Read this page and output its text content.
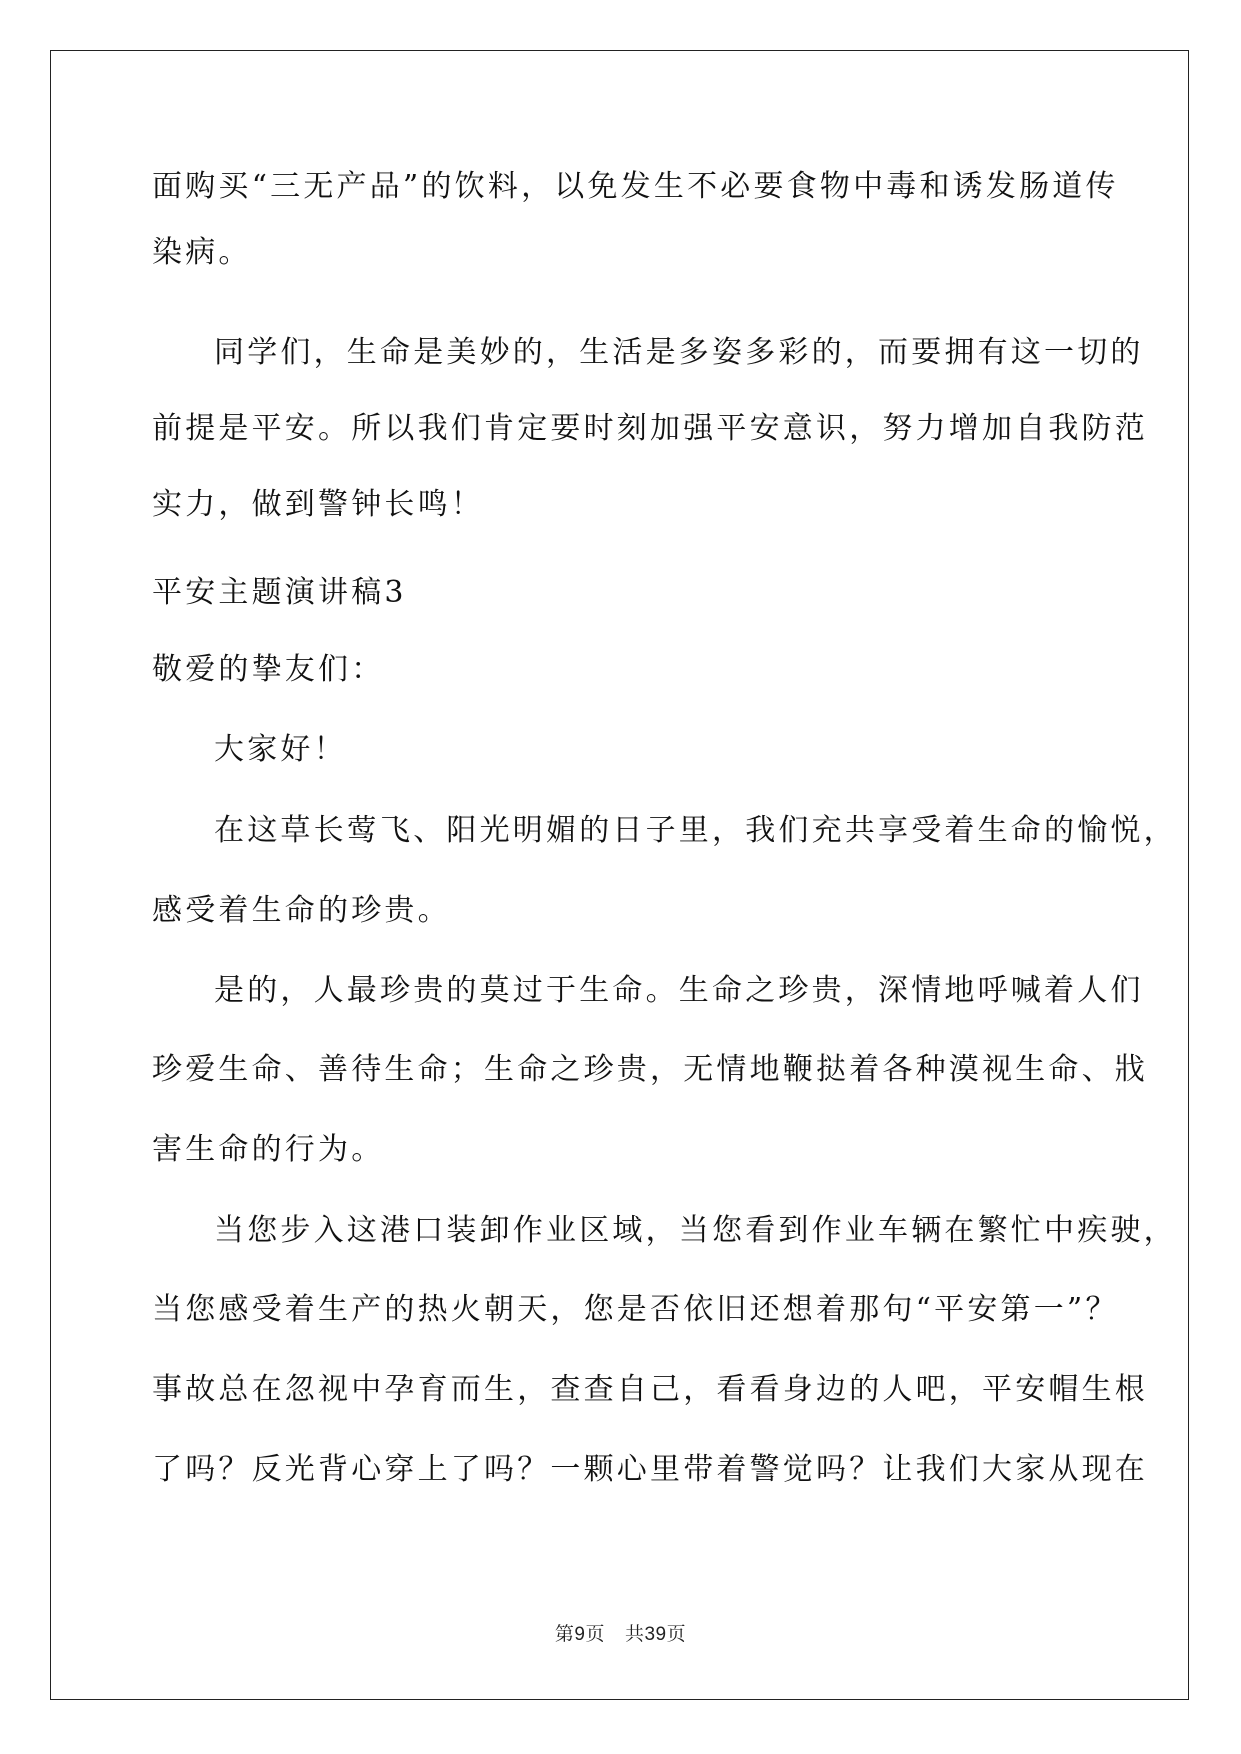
面购买“三无产品”的饮料，以免发生不必要食物中毒和诱发肠道传
染病。
同学们，生命是美妙的，生活是多姿多彩的，而要拥有这一切的
前提是平安。所以我们肯定要时刻加强平安意识，努力增加自我防范
实力，做到警钟长鸣！
平安主题演讲稿3
敬爱的挚友们：
大家好！
在这草长莺飞、阳光明媚的日子里，我们充共享受着生命的愉悦，
感受着生命的珍贵。
是的，人最珍贵的莫过于生命。生命之珍贵，深情地呼喊着人们
珍爱生命、善待生命；生命之珍贵，无情地鞭挞着各种漠视生命、戕
害生命的行为。
当您步入这港口装卸作业区域，当您看到作业车辆在繁忙中疾驶，
当您感受着生产的热火朝天，您是否依旧还想着那句“平安第一”？
事故总在忽视中孕育而生，查查自己，看看身边的人吧，平安帽生根
了吗？反光背心穿上了吗？一颗心里带着警觉吗？让我们大家从现在
第9页 共39页
